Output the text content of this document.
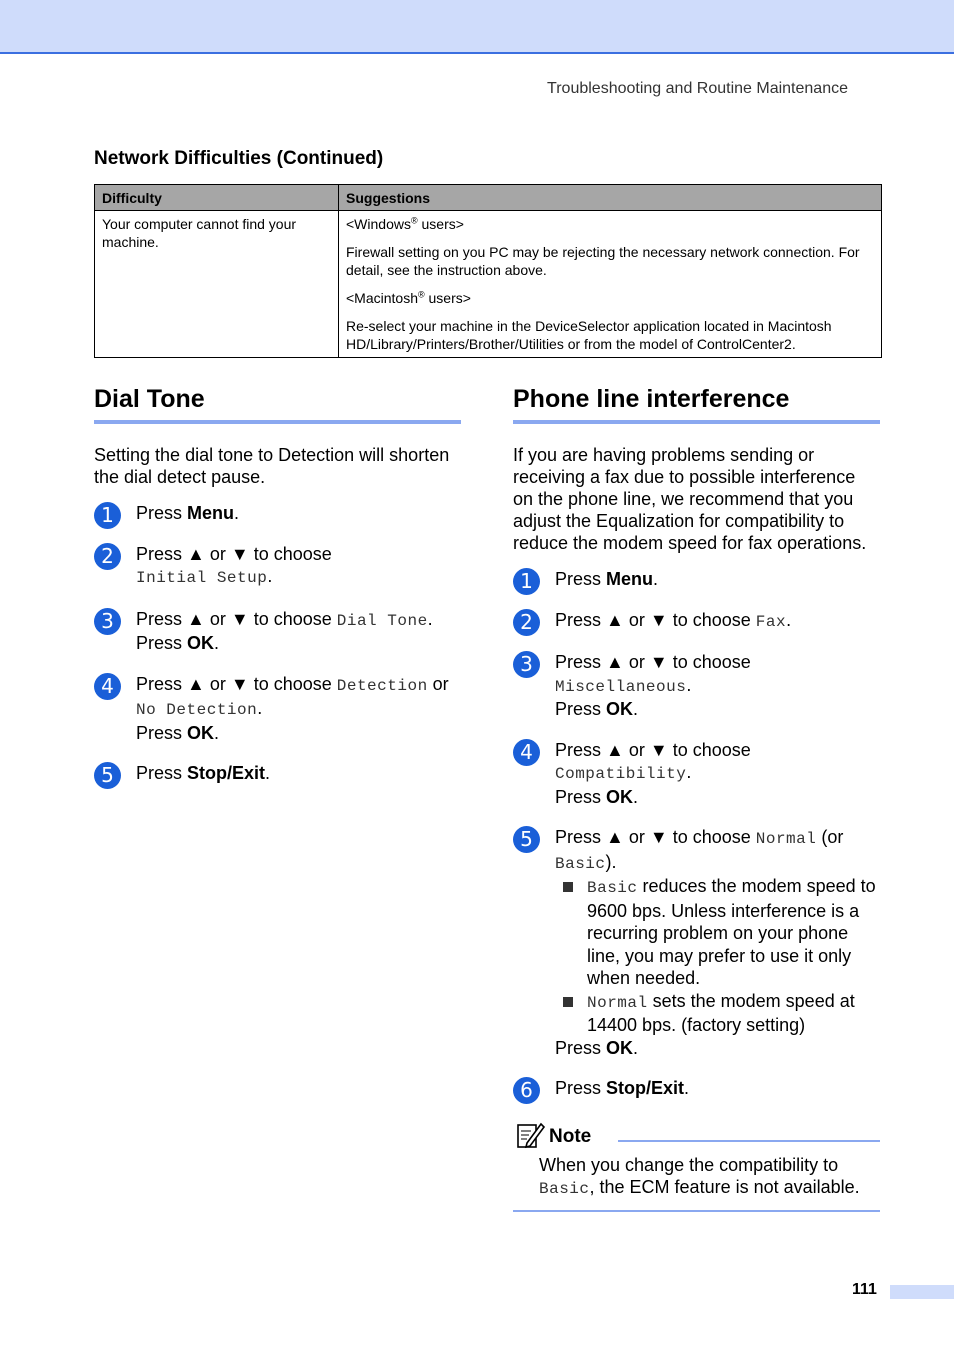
Troubleshooting and Routine Maintenance
Network Difficulties (Continued)
Difficulty	Suggestions
Your computer cannot find your machine.	<Windows® users>

Firewall setting on you PC may be rejecting the necessary network connection. For detail, see the instruction above.

<Macintosh® users>

Re-select your machine in the DeviceSelector application located in Macintosh HD/Library/Printers/Brother/Utilities or from the model of ControlCenter2.

Dial Tone

Setting the dial tone to Detection will shorten the dial detect pause.

1	Press Menu.
2	Press ▲ or ▼ to choose
Initial Setup.
3	Press ▲ or ▼ to choose Dial Tone.
Press OK.
4	Press ▲ or ▼ to choose Detection or
No Detection.
Press OK.
5	Press Stop/Exit.
Phone line interference

If you are having problems sending or receiving a fax due to possible interference on the phone line, we recommend that you adjust the Equalization for compatibility to reduce the modem speed for fax operations.

1	Press Menu.
2	Press ▲ or ▼ to choose Fax.
3	Press ▲ or ▼ to choose
Miscellaneous.
Press OK.
4	Press ▲ or ▼ to choose
Compatibility.
Press OK.
5	Press ▲ or ▼ to choose Normal (or
Basic).
Basic reduces the modem speed to 9600 bps. Unless interference is a recurring problem on your phone line, you may prefer to use it only when needed.
Normal sets the modem speed at 14400 bps. (factory setting)
Press OK.
6	Press Stop/Exit.
Note
When you change the compatibility to Basic, the ECM feature is not available.
111
